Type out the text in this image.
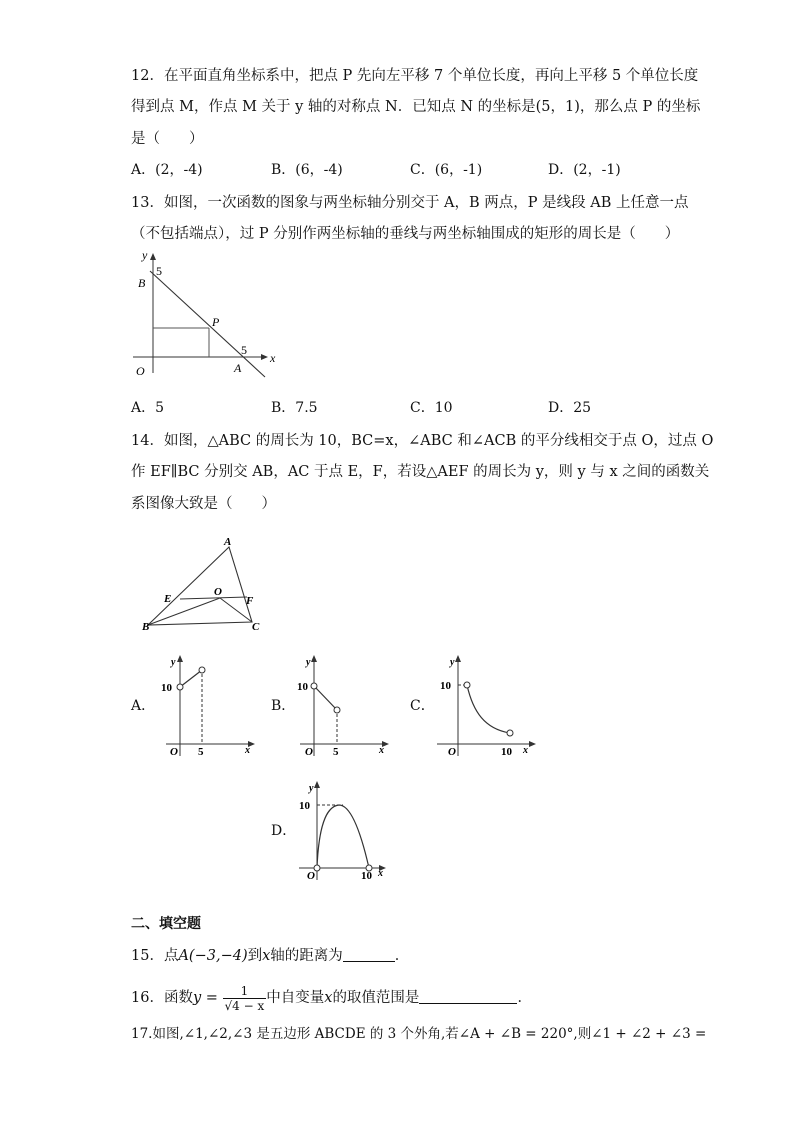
12．在平面直角坐标系中，把点 P 先向左平移 7 个单位长度，再向上平移 5 个单位长度
得到点 M，作点 M 关于 y 轴的对称点 N．已知点 N 的坐标是(5，1)，那么点 P 的坐标
是（　　）
A．(2，-4)	B．(6，-4)	C．(6，-1)	D．(2，-1)
13．如图，一次函数的图象与两坐标轴分别交于 A，B 两点，P 是线段 AB 上任意一点
（不包括端点），过 P 分别作两坐标轴的垂线与两坐标轴围成的矩形的周长是（　　）
y
5
B
P
5
x
O	A
A．5	B．7.5	C．10	D．25
14．如图，△ABC 的周长为 10，BC=x，∠ABC 和∠ACB 的平分线相交于点 O，过点 O
作 EF∥BC 分别交 AB，AC 于点 E，F，若设△AEF 的周长为 y，则 y 与 x 之间的函数关
系图像大致是（　　）
A
E
O
F
B	C
A．
y
10
O 5	x
B．
y
10
O 5	x
C．
y
10
O	10 x
D．
y
10
O	10 x
二、填空题
15．点A(−3,−4)到x轴的距离为	．
16．函数$y = \frac{1}{√4 - x}$ 中自变量x的取值范围是	．
17.如图,∠1,∠2,∠3 是五边形 ABCDE 的 3 个外角,若∠A + ∠B = 220°,则∠1 + ∠2 + ∠3 =
